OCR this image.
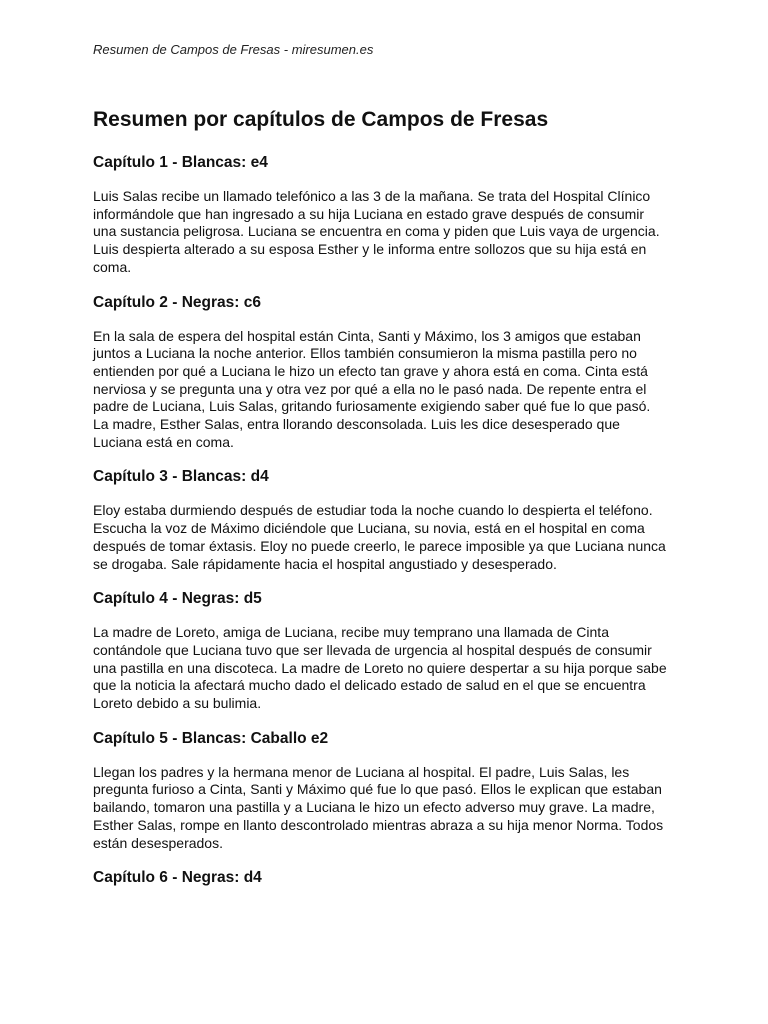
Resumen de Campos de Fresas - miresumen.es
Resumen por capítulos de Campos de Fresas
Capítulo 1 - Blancas: e4

Luis Salas recibe un llamado telefónico a las 3 de la mañana. Se trata del Hospital Clínico
informándole que han ingresado a su hija Luciana en estado grave después de consumir
una sustancia peligrosa. Luciana se encuentra en coma y piden que Luis vaya de urgencia.
Luis despierta alterado a su esposa Esther y le informa entre sollozos que su hija está en
coma.

Capítulo 2 - Negras: c6

En la sala de espera del hospital están Cinta, Santi y Máximo, los 3 amigos que estaban
juntos a Luciana la noche anterior. Ellos también consumieron la misma pastilla pero no
entienden por qué a Luciana le hizo un efecto tan grave y ahora está en coma. Cinta está
nerviosa y se pregunta una y otra vez por qué a ella no le pasó nada. De repente entra el
padre de Luciana, Luis Salas, gritando furiosamente exigiendo saber qué fue lo que pasó.
La madre, Esther Salas, entra llorando desconsolada. Luis les dice desesperado que
Luciana está en coma.

Capítulo 3 - Blancas: d4

Eloy estaba durmiendo después de estudiar toda la noche cuando lo despierta el teléfono.
Escucha la voz de Máximo diciéndole que Luciana, su novia, está en el hospital en coma
después de tomar éxtasis. Eloy no puede creerlo, le parece imposible ya que Luciana nunca
se drogaba. Sale rápidamente hacia el hospital angustiado y desesperado.

Capítulo 4 - Negras: d5

La madre de Loreto, amiga de Luciana, recibe muy temprano una llamada de Cinta
contándole que Luciana tuvo que ser llevada de urgencia al hospital después de consumir
una pastilla en una discoteca. La madre de Loreto no quiere despertar a su hija porque sabe
que la noticia la afectará mucho dado el delicado estado de salud en el que se encuentra
Loreto debido a su bulimia.

Capítulo 5 - Blancas: Caballo e2

Llegan los padres y la hermana menor de Luciana al hospital. El padre, Luis Salas, les
pregunta furioso a Cinta, Santi y Máximo qué fue lo que pasó. Ellos le explican que estaban
bailando, tomaron una pastilla y a Luciana le hizo un efecto adverso muy grave. La madre,
Esther Salas, rompe en llanto descontrolado mientras abraza a su hija menor Norma. Todos
están desesperados.

Capítulo 6 - Negras: d4
